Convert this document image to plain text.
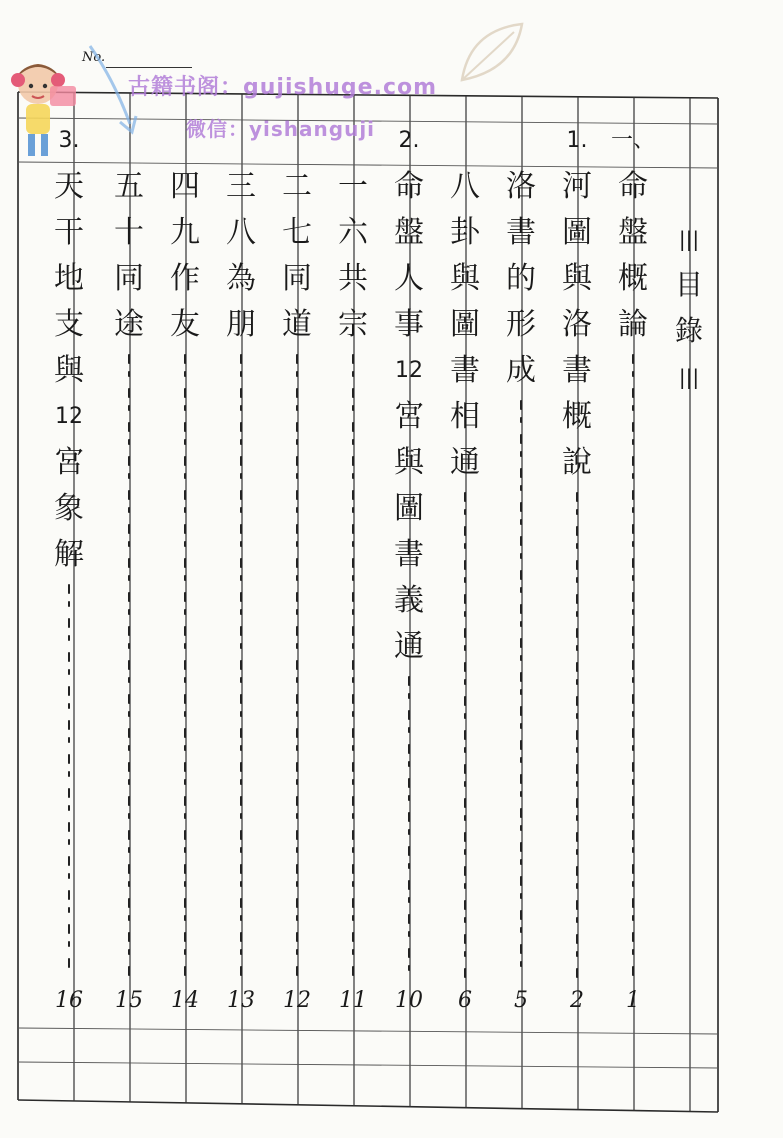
No.
古籍书阁：gujishuge.com
微信：yishanguji
|||
目
錄
|||
一、
命
盤
概
論
1
1.
河
圖
與
洛
書
概
說
2
洛
書
的
形
成
5
八
卦
與
圖
書
相
通
6
2.
命
盤
人
事
12
宮
與
圖
書
義
通
10
一
六
共
宗
11
二
七
同
道
12
三
八
為
朋
13
四
九
作
友
14
五
十
同
途
15
3.
天
干
地
支
與
12
宮
象
解
16
